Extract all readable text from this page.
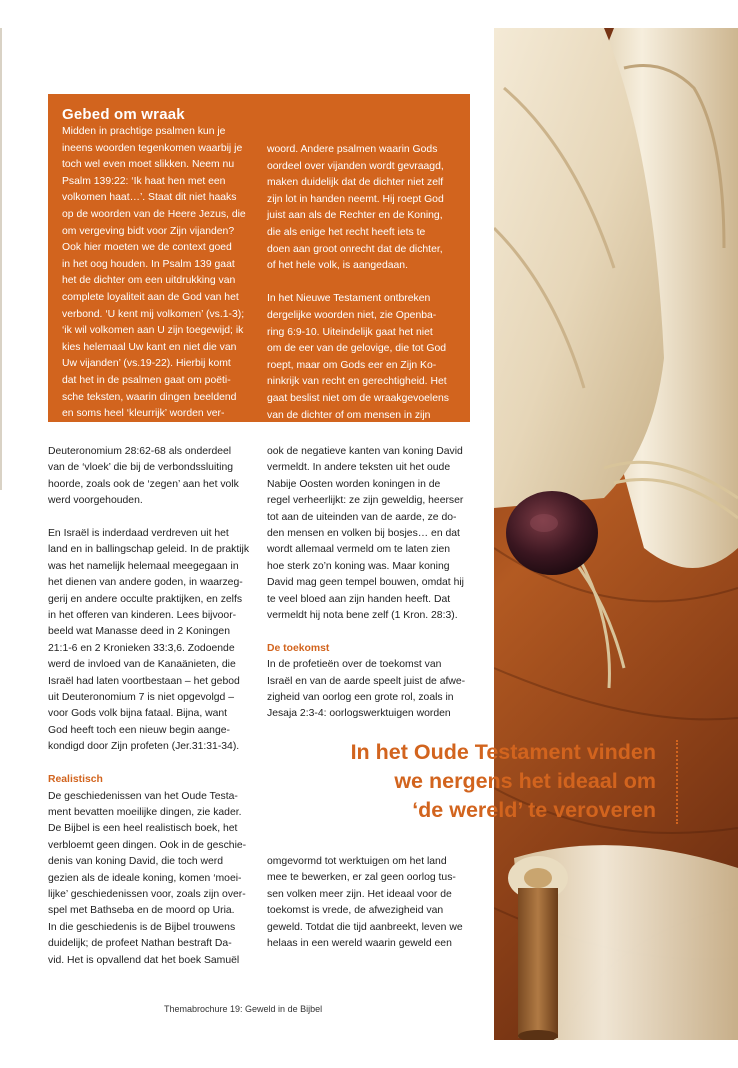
Gebed om wraak

Midden in prachtige psalmen kun je

ineens woorden tegenkomen waarbij je

toch wel even moet slikken. Neem nu

Psalm 139:22: ‘Ik haat hen met een

volkomen haat…’. Staat dit niet haaks

op de woorden van de Heere Jezus, die

om vergeving bidt voor Zijn vijanden?

Ook hier moeten we de context goed

in het oog houden. In Psalm 139 gaat

het de dichter om een uitdrukking van

complete loyaliteit aan de God van het

verbond. ‘U kent mij volkomen’ (vs.1-3);

‘ik wil volkomen aan U zijn toegewijd; ik

kies helemaal Uw kant en niet die van

Uw vijanden’ (vs.19-22). Hierbij komt

dat het in de psalmen gaat om poëti-

sche teksten, waarin dingen beeldend

en soms heel ‘kleurrijk’ worden ver-

woord. Andere psalmen waarin Gods

oordeel over vijanden wordt gevraagd,

maken duidelijk dat de dichter niet zelf

zijn lot in handen neemt. Hij roept God

juist aan als de Rechter en de Koning,

die als enige het recht heeft iets te

doen aan groot onrecht dat de dichter,

of het hele volk, is aangedaan.

In het Nieuwe Testament ontbreken

dergelijke woorden niet, zie Openba-

ring 6:9-10. Uiteindelijk gaat het niet

om de eer van de gelovige, die tot God

roept, maar om Gods eer en Zijn Ko-

ninkrijk van recht en gerechtigheid. Het

gaat beslist niet om de wraakgevoelens

van de dichter of om mensen in zijn

buurt die wat minder aardig zijn.

Deuteronomium 28:62-68 als onderdeel

van de ‘vloek’ die bij de verbondssluiting

hoorde, zoals ook de ‘zegen’ aan het volk

werd voorgehouden.

En Israël is inderdaad verdreven uit het

land en in ballingschap geleid. In de praktijk

was het namelijk helemaal meegegaan in

het dienen van andere goden, in waarzeg-

gerij en andere occulte praktijken, en zelfs

in het offeren van kinderen. Lees bijvoor-

beeld wat Manasse deed in 2 Koningen

21:1-6 en 2 Kronieken 33:3,6. Zodoende

werd de invloed van de Kanaänieten, die

Israël had laten voortbestaan – het gebod

uit Deuteronomium 7 is niet opgevolgd –

voor Gods volk bijna fataal. Bijna, want

God heeft toch een nieuw begin aange-

kondigd door Zijn profeten (Jer.31:31-34).

Realistisch

De geschiedenissen van het Oude Testa-

ment bevatten moeilijke dingen, zie kader.

De Bijbel is een heel realistisch boek, het

verbloemt geen dingen. Ook in de geschie-

denis van koning David, die toch werd

gezien als de ideale koning, komen ‘moei-

lijke’ geschiedenissen voor, zoals zijn over-

spel met Bathseba en de moord op Uria.

In die geschiedenis is de Bijbel trouwens

duidelijk; de profeet Nathan bestraft Da-

vid. Het is opvallend dat het boek Samuël

ook de negatieve kanten van koning David

vermeldt. In andere teksten uit het oude

Nabije Oosten worden koningen in de

regel verheerlijkt: ze zijn geweldig, heerser

tot aan de uiteinden van de aarde, ze do-

den mensen en volken bij bosjes… en dat

wordt allemaal vermeld om te laten zien

hoe sterk zo’n koning was. Maar koning

David mag geen tempel bouwen, omdat hij

te veel bloed aan zijn handen heeft. Dat

vermeldt hij nota bene zelf (1 Kron. 28:3).

De toekomst

In de profetieën over de toekomst van

Israël en van de aarde speelt juist de afwe-

zigheid van oorlog een grote rol, zoals in

Jesaja 2:3-4: oorlogswerktuigen worden

In het Oude Testament vinden
we nergens het ideaal om
‘de wereld’ te veroveren

omgevormd tot werktuigen om het land

mee te bewerken, er zal geen oorlog tus-

sen volken meer zijn. Het ideaal voor de

toekomst is vrede, de afwezigheid van

geweld. Totdat die tijd aanbreekt, leven we

helaas in een wereld waarin geweld een

Themabrochure 19: Geweld in de Bijbel
